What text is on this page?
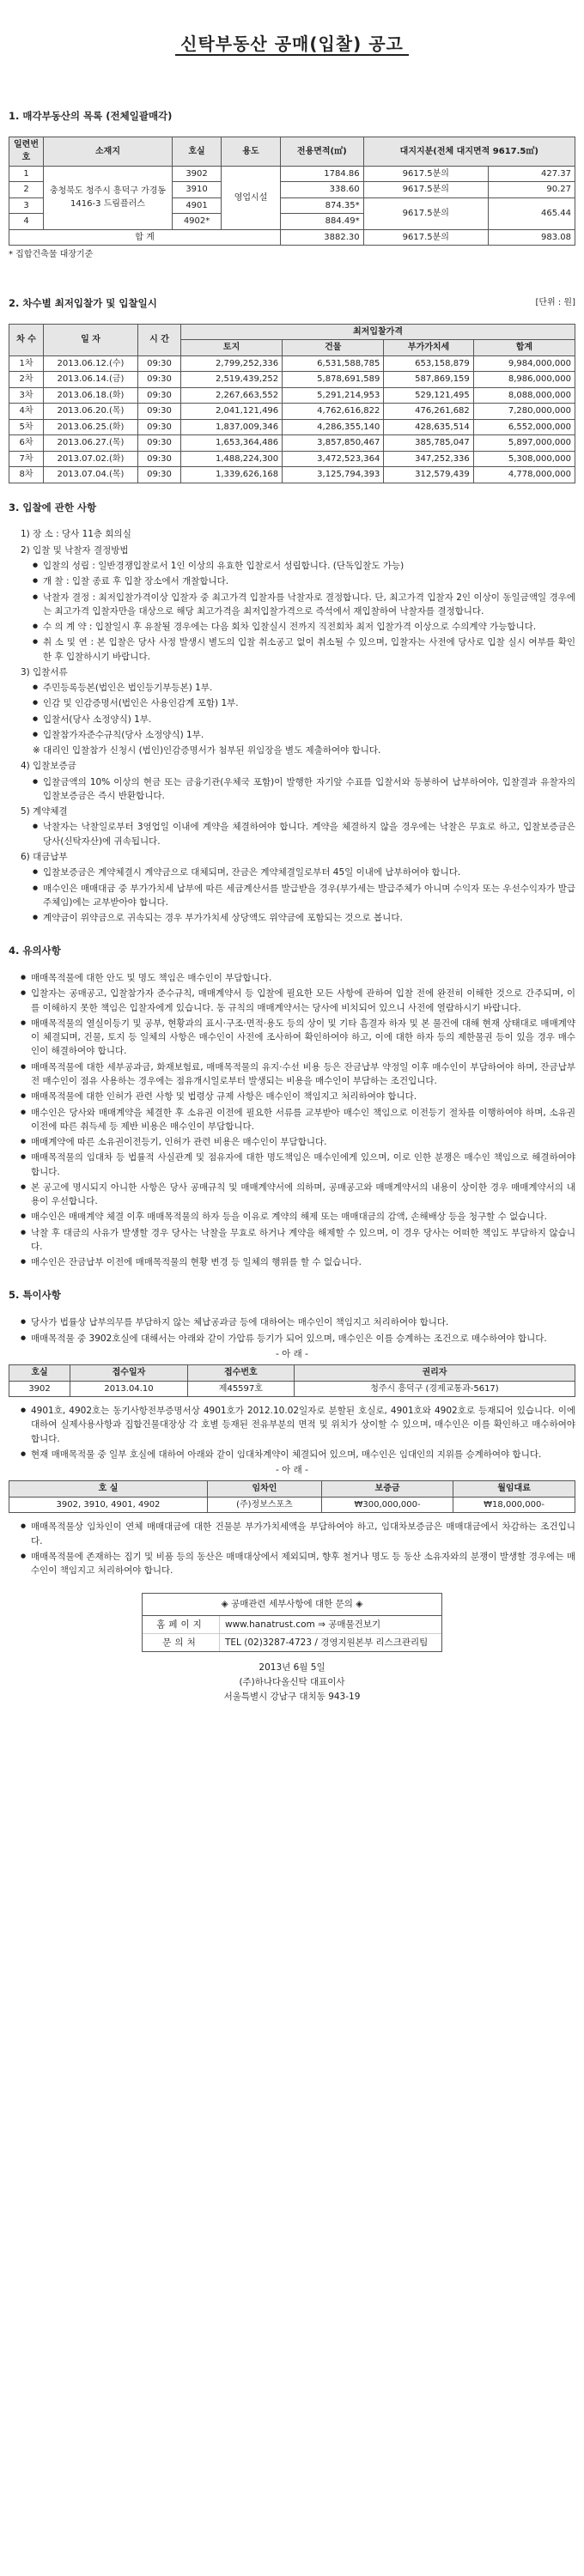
신탁부동산 공매(입찰) 공고
1. 매각부동산의 목록 (전체일괄매각)
일련번호	소재지	호실	용도	전용면적(㎡)	대지지분(전체 대지면적 9617.5㎡)	
1	충청북도 청주시 흥덕구 가경동 1416-3 드림플러스	3902	영업시설	1784.86	9617.5분의	427.37
2		3910		338.60	9617.5분의	90.27
3		4901		874.35*	9617.5분의	465.44
4		4902*		884.49*		
합 계				3882.30	9617.5분의	983.08
* 집합건축물 대장기준
2. 차수별 최저입찰가 및 입찰일시	[단위 : 원]
차 수	일 자	시 간	최저입찰가격			
			토지	건물	부가가치세	합계
1차	2013.06.12.(수)	09:30	2,799,252,336	6,531,588,785	653,158,879	9,984,000,000
2차	2013.06.14.(금)	09:30	2,519,439,252	5,878,691,589	587,869,159	8,986,000,000
3차	2013.06.18.(화)	09:30	2,267,663,552	5,291,214,953	529,121,495	8,088,000,000
4차	2013.06.20.(목)	09:30	2,041,121,496	4,762,616,822	476,261,682	7,280,000,000
5차	2013.06.25.(화)	09:30	1,837,009,346	4,286,355,140	428,635,514	6,552,000,000
6차	2013.06.27.(목)	09:30	1,653,364,486	3,857,850,467	385,785,047	5,897,000,000
7차	2013.07.02.(화)	09:30	1,488,224,300	3,472,523,364	347,252,336	5,308,000,000
8차	2013.07.04.(목)	09:30	1,339,626,168	3,125,794,393	312,579,439	4,778,000,000
3. 입찰에 관한 사항
1) 장 소 : 당사 11층 회의실
2) 입찰 및 낙찰자 결정방법
● 입찰의 성립 : 일반경쟁입찰로서 1인 이상의 유효한 입찰로서 성립합니다. (단독입찰도 가능)
● 개 찰 : 입찰 종료 후 입찰 장소에서 개찰합니다.
● 낙찰자 결정 : 최저입찰가격이상 입찰자 중 최고가격 입찰자를 낙찰자로 결정합니다. 단, 최고가격 입찰자 2인 이상이 동일금액일 경우에는 최고가격 입찰자만을 대상으로 해당 최고가격을 최저입찰가격으로 즉석에서 재입찰하여 낙찰자를 결정합니다.
● 수 의 계 약 : 입찰일시 후 유찰될 경우에는 다음 회차 입찰실시 전까지 직전회차 최저 입찰가격 이상으로 수의계약 가능합니다.
● 취 소 및 연 : 본 입찰은 당사 사정 발생시 별도의 입찰 취소공고 없이 취소될 수 있으며, 입찰자는 사전에 당사로 입찰 실시 여부를 확인한 후 입찰하시기 바랍니다.
3) 입찰서류
● 주민등록등본(법인은 법인등기부등본) 1부.
● 인감 및 인감증명서(법인은 사용인감계 포함) 1부.
● 입찰서(당사 소정양식) 1부.
● 입찰참가자준수규칙(당사 소정양식) 1부.
※ 대리인 입찰참가 신청시 (법인)인감증명서가 첨부된 위임장을 별도 제출하여야 합니다.
4) 입찰보증금
● 입찰금액의 10% 이상의 현금 또는 금융기관(우체국 포함)이 발행한 자기앞 수표를 입찰서와 동봉하여 납부하여야, 입찰결과 유찰자의 입찰보증금은 즉시 반환합니다.
5) 계약체결
● 낙찰자는 낙찰일로부터 3영업일 이내에 계약을 체결하여야 합니다. 계약을 체결하지 않을 경우에는 낙찰은 무효로 하고, 입찰보증금은 당사(신탁자산)에 귀속됩니다.
6) 대금납부
● 입찰보증금은 계약체결시 계약금으로 대체되며, 잔금은 계약체결일로부터 45일 이내에 납부하여야 합니다.
● 매수인은 매매대금 중 부가가치세 납부에 따른 세금계산서를 발급받을 경우(부가세는 발급주체가 아니며 수익자 또는 우선수익자가 발급주체임)에는 교부받아야 합니다.
● 계약금이 위약금으로 귀속되는 경우 부가가치세 상당액도 위약금에 포함되는 것으로 봅니다.
4. 유의사항
● 매매목적물에 대한 안도 및 명도 책임은 매수인이 부담합니다.
● 입찰자는 공매공고, 입찰참가자 준수규칙, 매매계약서 등 입찰에 필요한 모든 사항에 관하여 입찰 전에 완전히 이해한 것으로 간주되며, 이를 이해하지 못한 책임은 입찰자에게 있습니다. 동 규칙의 매매계약서는 당사에 비치되어 있으니 사전에 열람하시기 바랍니다.
● 매매목적물의 열실이등기 및 공부, 현황과의 표시·구조·면적·용도 등의 상이 및 기타 흠결자 하자 및 본 물건에 대해 현재 상태대로 매매계약이 체결되며, 건물, 토지 등 일체의 사항은 매수인이 사전에 조사하여 확인하여야 하고, 이에 대한 하자 등의 제한물권 등이 있을 경우 매수인이 해결하여야 합니다.
● 매매목적물에 대한 세부공과금, 화재보험료, 매매목적물의 유지·수선 비용 등은 잔금납부 약정일 이후 매수인이 부담하여야 하며, 잔금납부 전 매수인이 점유 사용하는 경우에는 점유개시일로부터 발생되는 비용을 매수인이 부담하는 조건입니다.
● 매매목적물에 대한 인허가 관련 사항 및 법령상 규제 사항은 매수인이 책임지고 처리하여야 합니다.
● 매수인은 당사와 매매계약을 체결한 후 소유권 이전에 필요한 서류를 교부받아 매수인 책임으로 이전등기 절차를 이행하여야 하며, 소유권이전에 따른 취득세 등 제반 비용은 매수인이 부담합니다.
● 매매계약에 따른 소유권이전등기, 인허가 관련 비용은 매수인이 부담합니다.
● 매매목적물의 임대차 등 법률적 사실관계 및 점유자에 대한 명도책임은 매수인에게 있으며, 이로 인한 분쟁은 매수인 책임으로 해결하여야 합니다.
● 본 공고에 명시되지 아니한 사항은 당사 공매규칙 및 매매계약서에 의하며, 공매공고와 매매계약서의 내용이 상이한 경우 매매계약서의 내용이 우선합니다.
● 매수인은 매매계약 체결 이후 매매목적물의 하자 등을 이유로 계약의 해제 또는 매매대금의 감액, 손해배상 등을 청구할 수 없습니다.
● 낙찰 후 대금의 사유가 발생할 경우 당사는 낙찰을 무효로 하거나 계약을 해제할 수 있으며, 이 경우 당사는 어떠한 책임도 부담하지 않습니다.
● 매수인은 잔금납부 이전에 매매목적물의 현황 변경 등 일체의 행위를 할 수 없습니다.
5. 특이사항
● 당사가 법률상 납부의무를 부담하지 않는 체납공과금 등에 대하여는 매수인이 책임지고 처리하여야 합니다.
● 매매목적물 중 3902호실에 대해서는 아래와 같이 가압류 등기가 되어 있으며, 매수인은 이를 승계하는 조건으로 매수하여야 합니다.
- 아 래 -
호실	접수일자	접수번호	권리자
3902	2013.04.10	제45597호	청주시 흥덕구 (경제교통과-5617)
● 4901호, 4902호는 동기사항전부증명서상 4901호가 2012.10.02일자로 분할된 호실로, 4901호와 4902호로 등재되어 있습니다. 이에 대하여 실제사용사항과 집합건물대장상 각 호별 등재된 전유부분의 면적 및 위치가 상이할 수 있으며, 매수인은 이를 확인하고 매수하여야 합니다.
● 현재 매매목적물 중 일부 호실에 대하여 아래와 같이 임대차계약이 체결되어 있으며, 매수인은 임대인의 지위를 승계하여야 합니다.
- 아 래 -
호 실	임차인	보증금	월임대료
3902, 3910, 4901, 4902	(주)정보스포츠	₩300,000,000-	₩18,000,000-
● 매매목적물상 임차인이 연체 매매대금에 대한 건물분 부가가치세액을 부담하여야 하고, 임대차보증금은 매매대금에서 차감하는 조건입니다.
● 매매목적물에 존재하는 집기 및 비품 등의 동산은 매매대상에서 제외되며, 향후 철거나 명도 등 동산 소유자와의 분쟁이 발생할 경우에는 매수인이 책임지고 처리하여야 합니다.
◈ 공매관련 세부사항에 대한 문의 ◈
홈페이지	www.hanatrust.com ⇒ 공매물건보기
문의처	TEL (02)3287-4723 / 경영지원본부 리스크관리팀
2013년 6월 5일
(주)하나다올신탁 대표이사
서울특별시 강남구 대치동 943-19
